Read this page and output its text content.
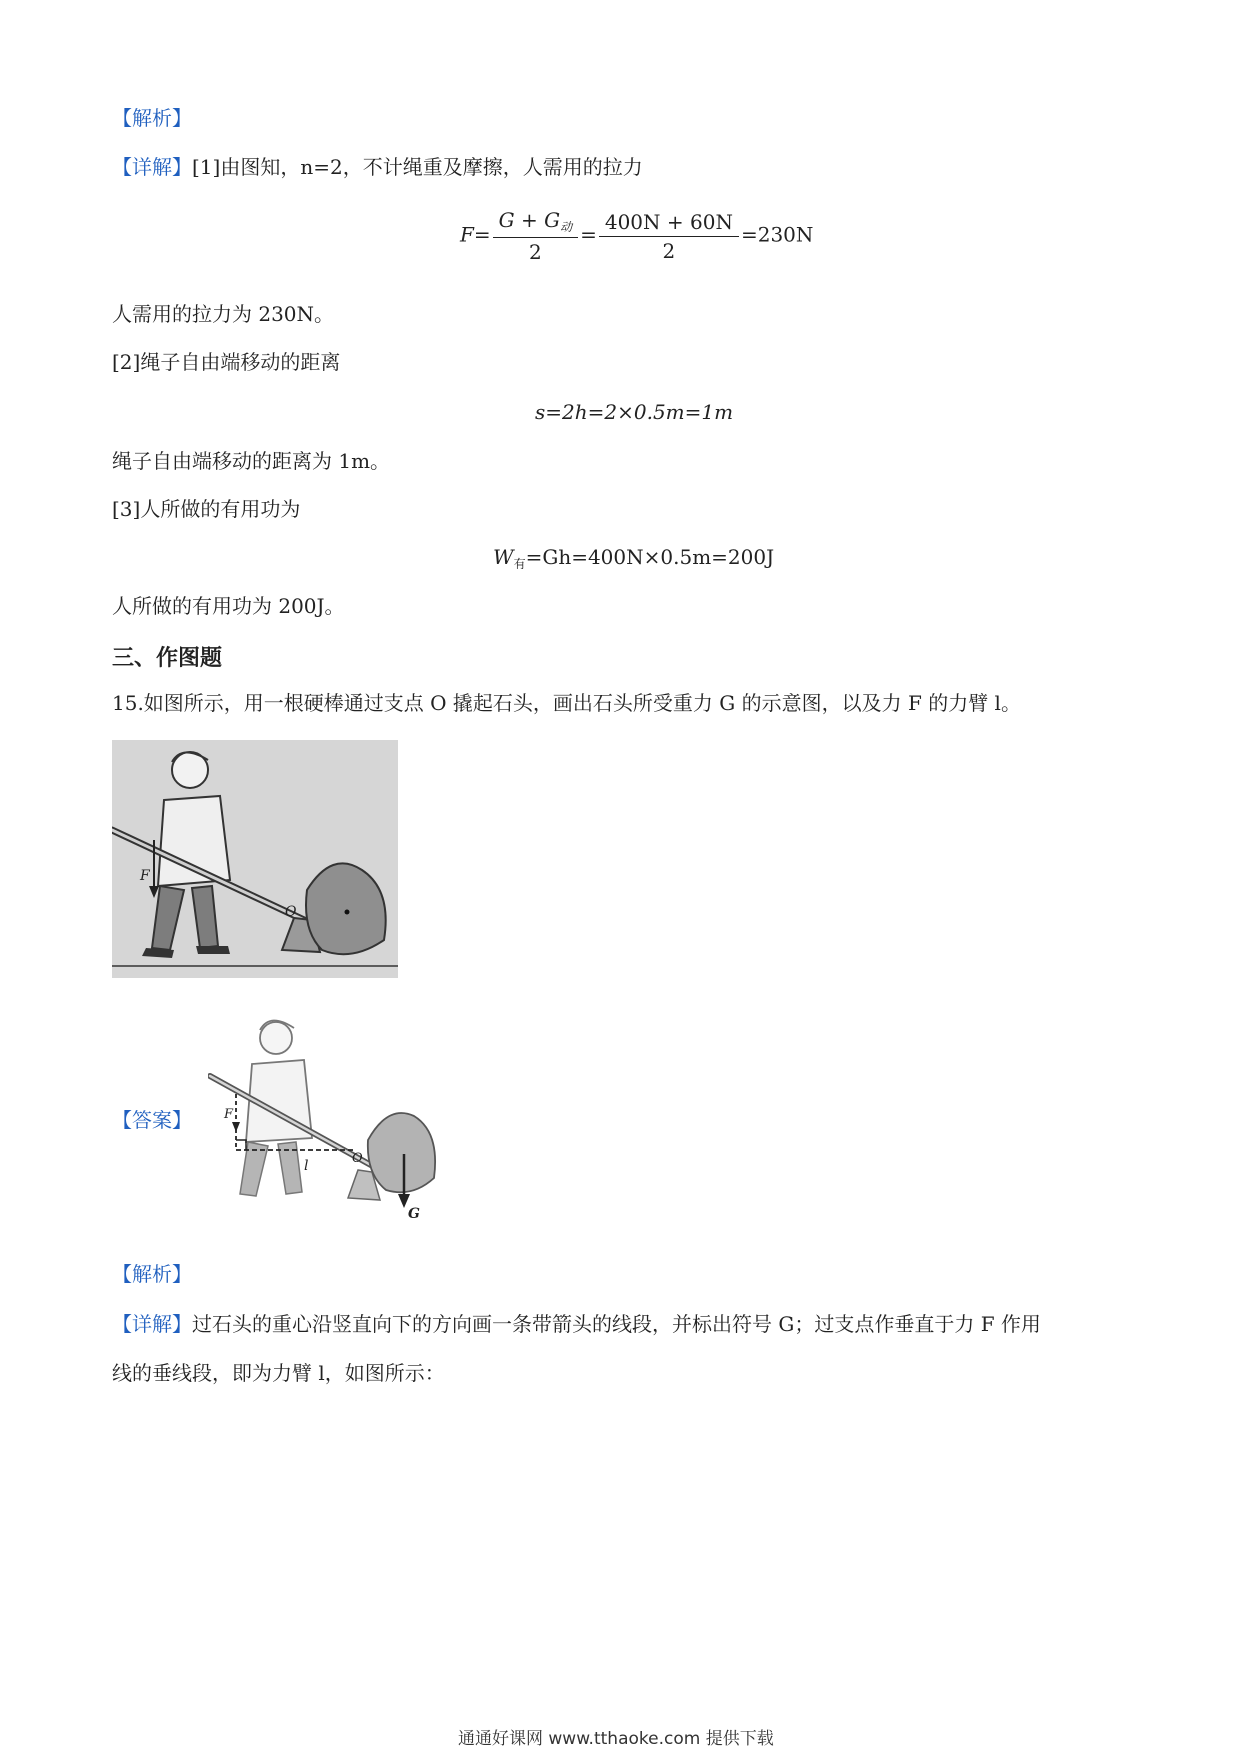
【解析】
【详解】[1]由图知，n=2，不计绳重及摩擦，人需用的拉力
$F= \frac{G + G_动}{2} = \frac{400N + 60N}{2} =230N$
人需用的拉力为 230N。
[2]绳子自由端移动的距离
s=2h=2×0.5m=1m
绳子自由端移动的距离为 1m。
[3]人所做的有用功为
$W_有=Gh=400N\times 0.5m=200J$
人所做的有用功为 200J。
三、作图题
15.如图所示，用一根硬棒通过支点 O 撬起石头，画出石头所受重力 G 的示意图，以及力 F 的力臂 l。
F
O
【答案】 F
l	O
G
【解析】
【详解】过石头的重心沿竖直向下的方向画一条带箭头的线段，并标出符号 G；过支点作垂直于力 F 作用
线的垂线段，即为力臂 l，如图所示：
通通好课网 www.tthaoke.com 提供下载
